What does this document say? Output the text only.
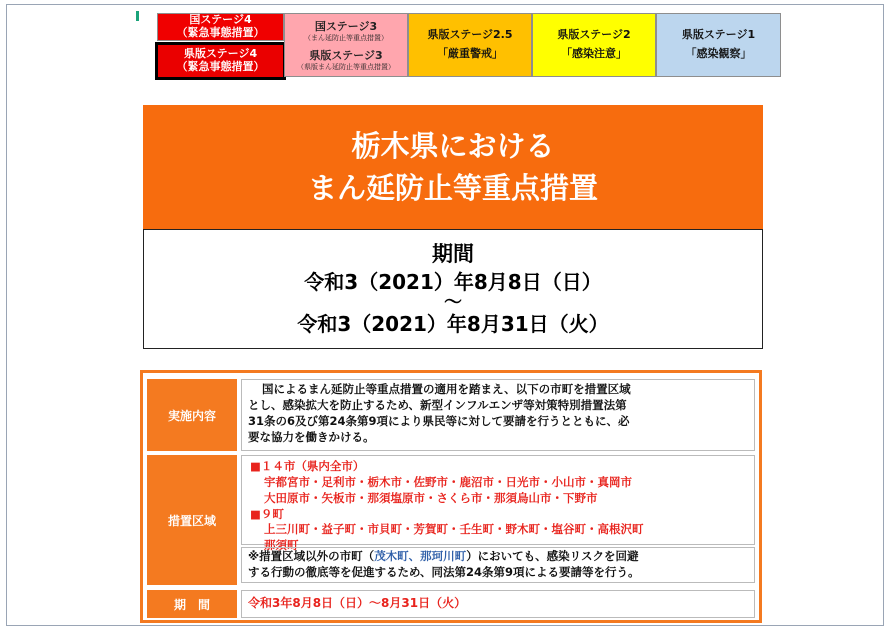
国ステージ4
（緊急事態措置）
県版ステージ4
（緊急事態措置）
国ステージ3
（まん延防止等重点措置）
県版ステージ3
（県版まん延防止等重点措置）
県版ステージ2.5
「厳重警戒」
県版ステージ2
「感染注意」
県版ステージ1
「感染観察」
栃木県における
まん延防止等重点措置
期間
令和3（2021）年8月8日（日）
〜
令和3（2021）年8月31日（火）
実施内容
国によるまん延防止等重点措置の適用を踏まえ、以下の市町を措置区域
とし、感染拡大を防止するため、新型インフルエンザ等対策特別措置法第
31条の6及び第24条第9項により県民等に対して要請を行うとともに、必
要な協力を働きかける。
措置区域
■１４市（県内全市）
宇都宮市・足利市・栃木市・佐野市・鹿沼市・日光市・小山市・真岡市
大田原市・矢板市・那須塩原市・さくら市・那須烏山市・下野市
■９町
上三川町・益子町・市貝町・芳賀町・壬生町・野木町・塩谷町・高根沢町
那須町
※措置区域以外の市町（茂木町、那珂川町）においても、感染リスクを回避
する行動の徹底等を促進するため、同法第24条第9項による要請等を行う。
期　間	令和3年8月8日（日）〜8月31日（火）
